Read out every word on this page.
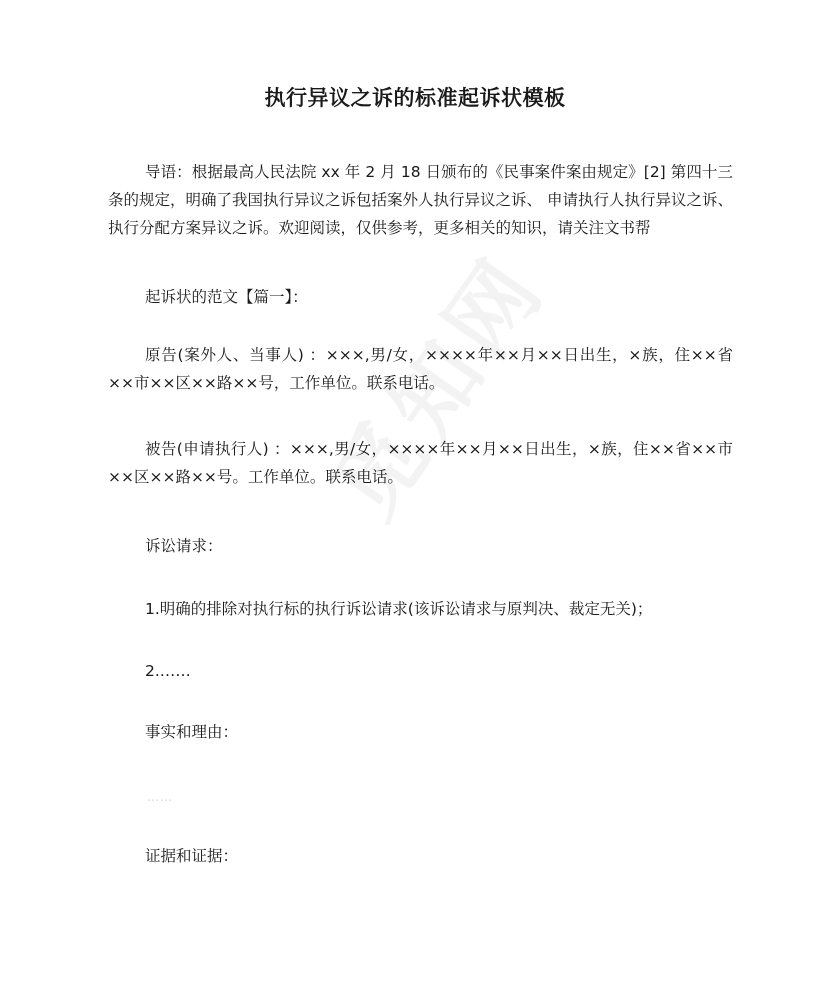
执行异议之诉的标准起诉状模板

导语：根据最高人民法院 xx 年 2 月 18 日颁布的《民事案件案由规定》[2] 第四十三条的规定，明确了我国执行异议之诉包括案外人执行异议之诉、 申请执行人执行异议之诉、执行分配方案异议之诉。欢迎阅读，仅供参考，更多相关的知识，请关注文书帮

起诉状的范文【篇一】：

原告(案外人、当事人) ：×××,男/女，××××年××月××日出生，×族，住××省××市××区××路××号，工作单位。联系电话。

被告(申请执行人) ：×××,男/女，××××年××月××日出生，×族，住××省××市××区××路××号。工作单位。联系电话。

诉讼请求：

1.明确的排除对执行标的执行诉讼请求(该诉讼请求与原判决、裁定无关)；

2.……

事实和理由：

……

证据和证据：
